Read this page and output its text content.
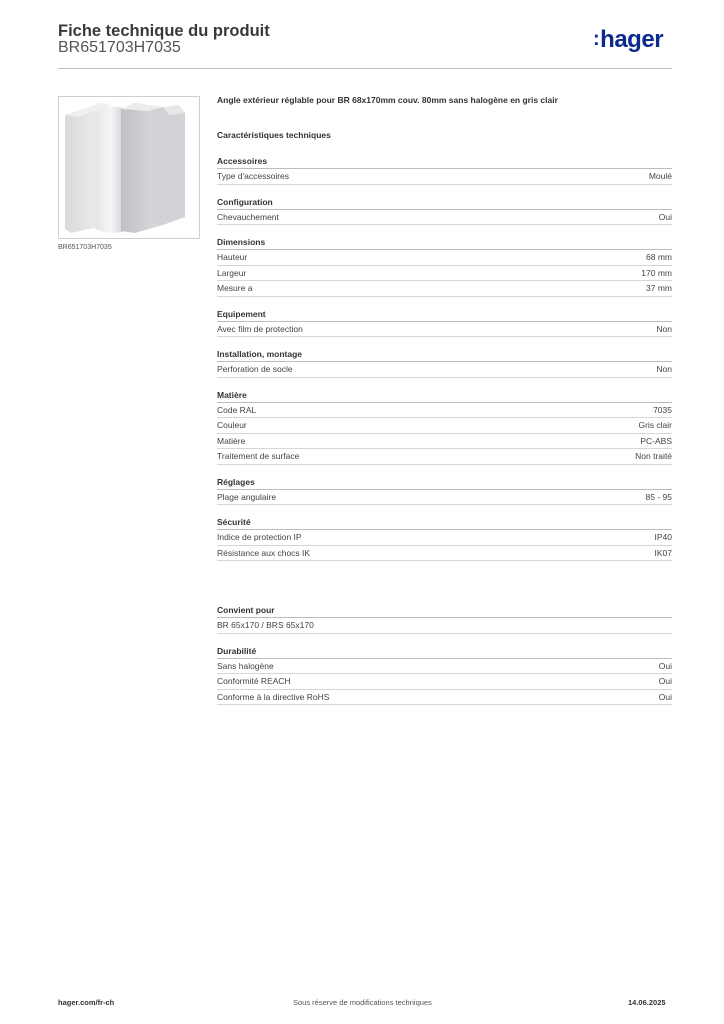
Fiche technique du produit
BR651703H7035	:hager
BR651703H7035
Angle extérieur réglable pour BR 68x170mm couv. 80mm sans halogène en gris clair
Caractéristiques techniques
Accessoires
Type d'accessoires	Moulé
Configuration
Chevauchement	Oui
Dimensions
Hauteur	68 mm
Largeur	170 mm
Mesure a	37 mm
Equipement
Avec film de protection	Non
Installation, montage
Perforation de socle	Non
Matière
Code RAL	7035
Couleur	Gris clair
Matière	PC-ABS
Traitement de surface	Non traité
Réglages
Plage angulaire	85 - 95
Sécurité
Indice de protection IP	IP40
Résistance aux chocs IK	IK07
Convient pour
BR 65x170 / BRS 65x170
Durabilité
Sans halogène	Oui
Conformité REACH	Oui
Conforme à la directive RoHS	Oui
hager.com/fr-ch	Sous réserve de modifications techniques	14.06.2025
